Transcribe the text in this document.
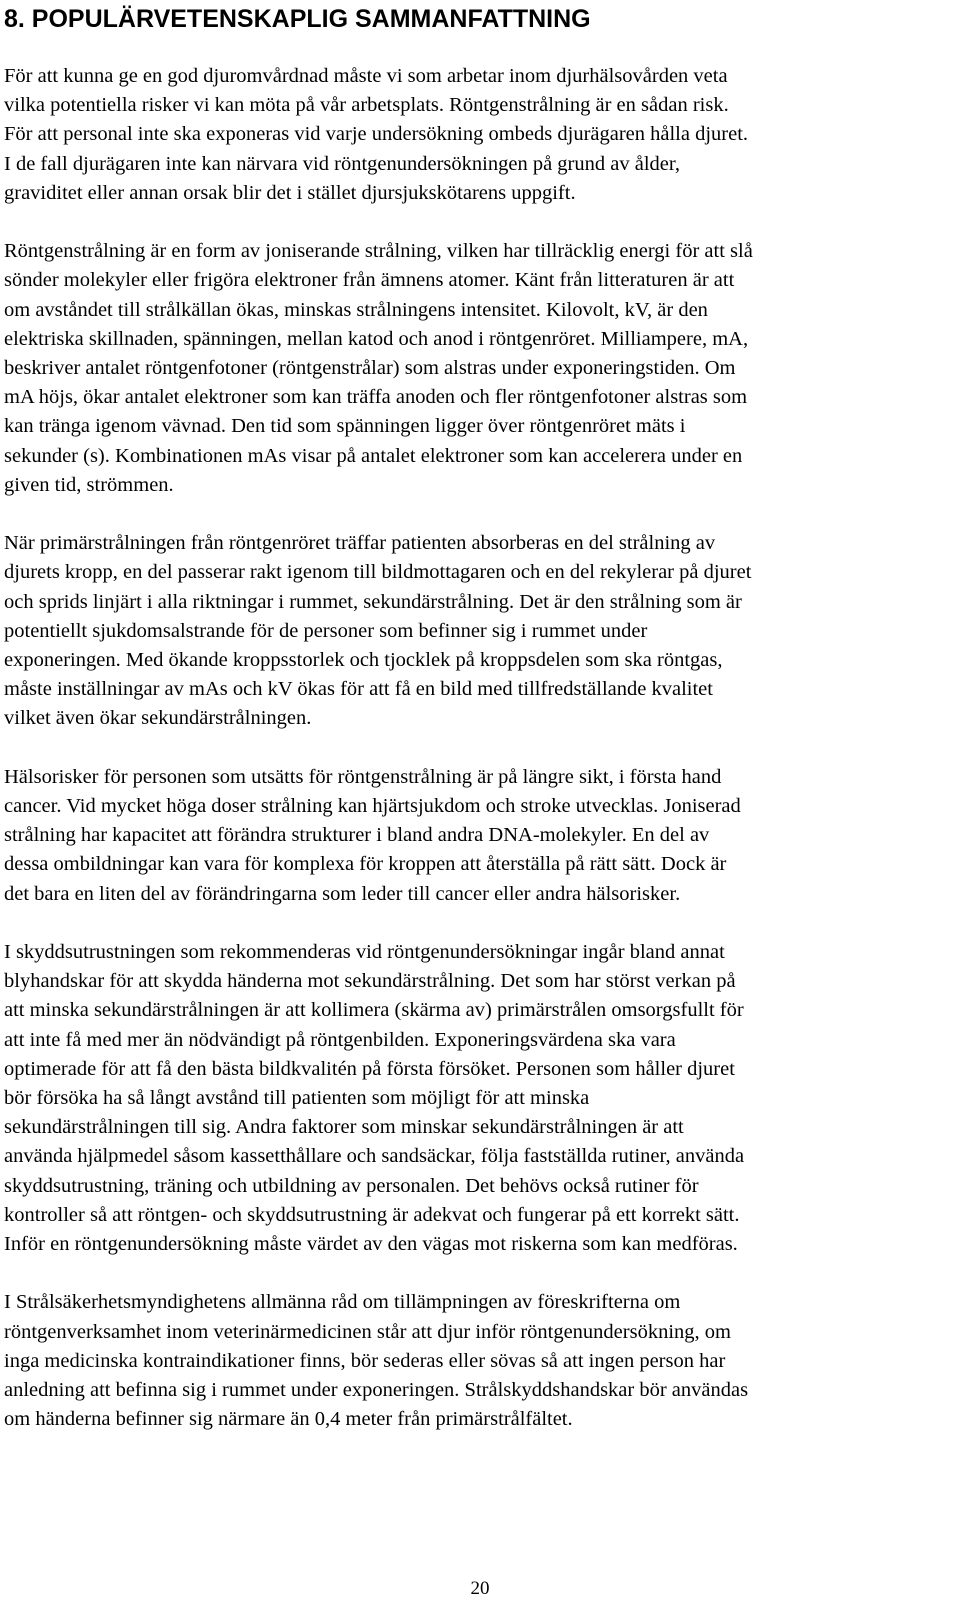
8. POPULÄRVETENSKAPLIG SAMMANFATTNING

För att kunna ge en god djuromvårdnad måste vi som arbetar inom djurhälsovården veta
vilka potentiella risker vi kan möta på vår arbetsplats. Röntgenstrålning är en sådan risk.
För att personal inte ska exponeras vid varje undersökning ombeds djurägaren hålla djuret.
I de fall djurägaren inte kan närvara vid röntgenundersökningen på grund av ålder,
graviditet eller annan orsak blir det i stället djursjukskötarens uppgift.

Röntgenstrålning är en form av joniserande strålning, vilken har tillräcklig energi för att slå
sönder molekyler eller frigöra elektroner från ämnens atomer. Känt från litteraturen är att
om avståndet till strålkällan ökas, minskas strålningens intensitet. Kilovolt, kV, är den
elektriska skillnaden, spänningen, mellan katod och anod i röntgenröret. Milliampere, mA,
beskriver antalet röntgenfotoner (röntgenstrålar) som alstras under exponeringstiden. Om
mA höjs, ökar antalet elektroner som kan träffa anoden och fler röntgenfotoner alstras som
kan tränga igenom vävnad. Den tid som spänningen ligger över röntgenröret mäts i
sekunder (s). Kombinationen mAs visar på antalet elektroner som kan accelerera under en
given tid, strömmen.

När primärstrålningen från röntgenröret träffar patienten absorberas en del strålning av
djurets kropp, en del passerar rakt igenom till bildmottagaren och en del rekylerar på djuret
och sprids linjärt i alla riktningar i rummet, sekundärstrålning. Det är den strålning som är
potentiellt sjukdomsalstrande för de personer som befinner sig i rummet under
exponeringen. Med ökande kroppsstorlek och tjocklek på kroppsdelen som ska röntgas,
måste inställningar av mAs och kV ökas för att få en bild med tillfredställande kvalitet
vilket även ökar sekundärstrålningen.

Hälsorisker för personen som utsätts för röntgenstrålning är på längre sikt, i första hand
cancer. Vid mycket höga doser strålning kan hjärtsjukdom och stroke utvecklas. Joniserad
strålning har kapacitet att förändra strukturer i bland andra DNA-molekyler. En del av
dessa ombildningar kan vara för komplexa för kroppen att återställa på rätt sätt. Dock är
det bara en liten del av förändringarna som leder till cancer eller andra hälsorisker.

I skyddsutrustningen som rekommenderas vid röntgenundersökningar ingår bland annat
blyhandskar för att skydda händerna mot sekundärstrålning. Det som har störst verkan på
att minska sekundärstrålningen är att kollimera (skärma av) primärstrålen omsorgsfullt för
att inte få med mer än nödvändigt på röntgenbilden. Exponeringsvärdena ska vara
optimerade för att få den bästa bildkvalitén på första försöket. Personen som håller djuret
bör försöka ha så långt avstånd till patienten som möjligt för att minska
sekundärstrålningen till sig. Andra faktorer som minskar sekundärstrålningen är att
använda hjälpmedel såsom kassetthållare och sandsäckar, följa fastställda rutiner, använda
skyddsutrustning, träning och utbildning av personalen. Det behövs också rutiner för
kontroller så att röntgen- och skyddsutrustning är adekvat och fungerar på ett korrekt sätt.
Inför en röntgenundersökning måste värdet av den vägas mot riskerna som kan medföras.

I Strålsäkerhetsmyndighetens allmänna råd om tillämpningen av föreskrifterna om
röntgenverksamhet inom veterinärmedicinen står att djur inför röntgenundersökning, om
inga medicinska kontraindikationer finns, bör sederas eller sövas så att ingen person har
anledning att befinna sig i rummet under exponeringen. Strålskyddshandskar bör användas
om händerna befinner sig närmare än 0,4 meter från primärstrålfältet.

20
